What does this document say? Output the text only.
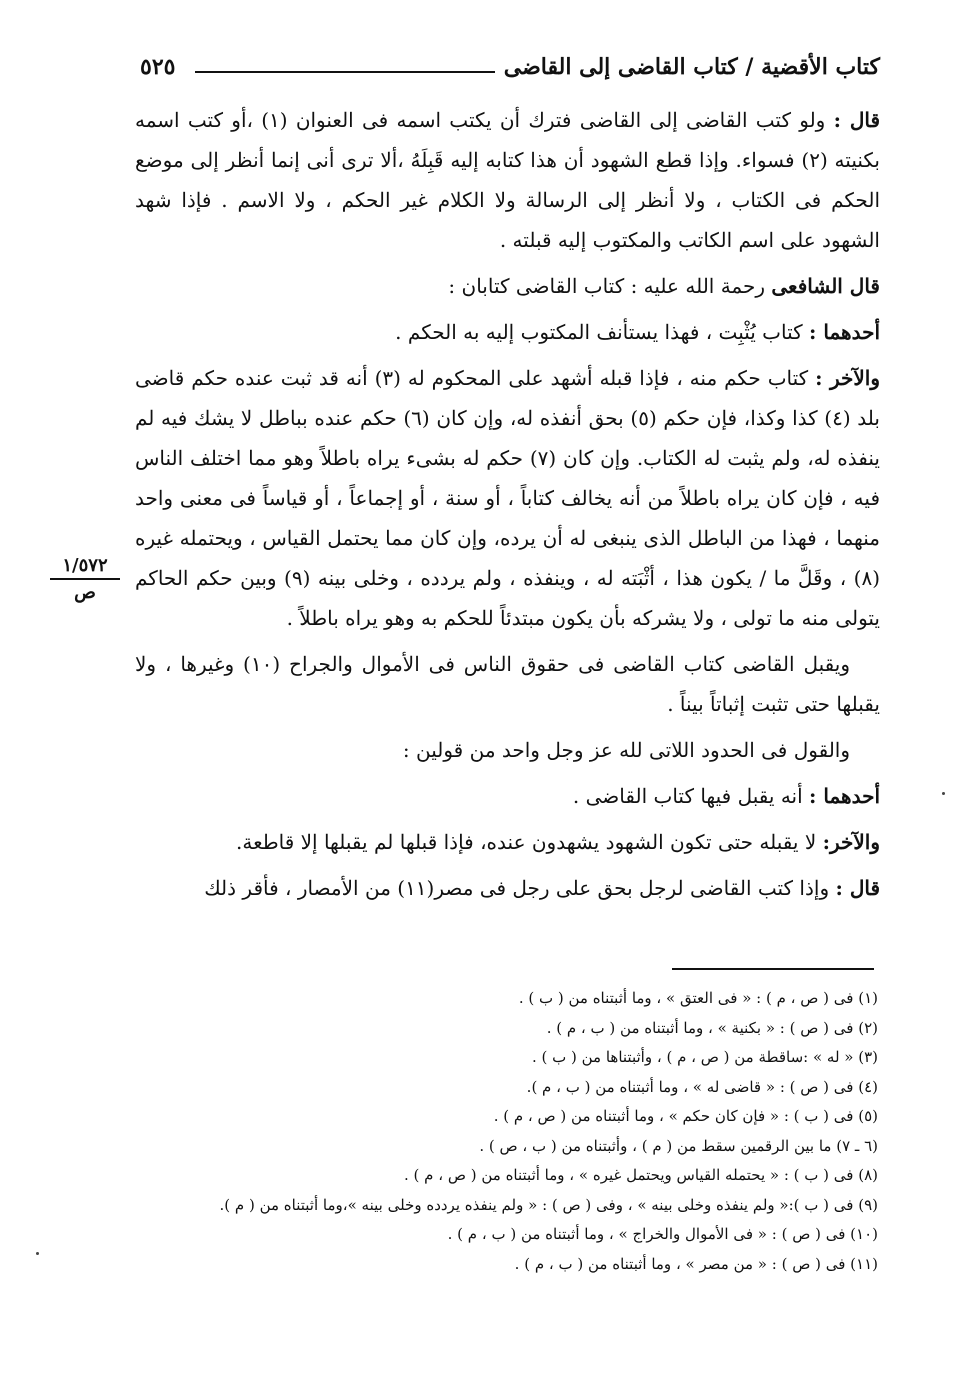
كتاب الأقضية / كتاب القاضى إلى القاضى
٥٢٥

قال : ولو كتب القاضى إلى القاضى فترك أن يكتب اسمه فى العنوان (١) ،أو كتب اسمه بكنيته (٢) فسواء. وإذا قطع الشهود أن هذا كتابه إليه قَبِلَهُ ،ألا ترى أنى إنما أنظر إلى موضع الحكم فى الكتاب ، ولا أنظر إلى الرسالة ولا الكلام غير الحكم ، ولا الاسم . فإذا شهد الشهود على اسم الكاتب والمكتوب إليه قبلته .

قال الشافعى رحمة الله عليه : كتاب القاضى كتابان :

أحدهما : كتاب يُثْبِت ، فهذا يستأنف المكتوب إليه به الحكم .

والآخر : كتاب حكم منه ، فإذا قبله أشهد على المحكوم له (٣) أنه قد ثبت عنده حكم قاضى بلد (٤) كذا وكذا، فإن حكم (٥) بحق أنفذه له، وإن كان (٦) حكم عنده بباطل لا يشك فيه لم ينفذه له، ولم يثبت له الكتاب. وإن كان (٧) حكم له بشىء يراه باطلاً وهو مما اختلف الناس فيه ، فإن كان يراه باطلاً من أنه يخالف كتاباً ، أو سنة ، أو إجماعاً ، أو قياساً فى معنى واحد منهما ، فهذا من الباطل الذى ينبغى له أن يرده، وإن كان مما يحتمل القياس ، ويحتمله غيره (٨) ، وقَلَّ ما / يكون هذا ، أثْبَته له ، وينفذه ، ولم يردده ، وخلى بينه (٩) وبين حكم الحاكم يتولى منه ما تولى ، ولا يشركه بأن يكون مبتدئاً للحكم به وهو يراه باطلاً .

ويقبل القاضى كتاب القاضى فى حقوق الناس فى الأموال والجراح (١٠) وغيرها ، ولا يقبلها حتى تثبت إثباتاً بيناً .

والقول فى الحدود اللاتى لله عز وجل واحد من قولين :

أحدهما : أنه يقبل فيها كتاب القاضى .

والآخر: لا يقبله حتى تكون الشهود يشهدون عنده، فإذا قبلها لم يقبلها إلا قاطعة.

قال : وإذا كتب القاضى لرجل بحق على رجل فى مصر(١١) من الأمصار ، فأقر ذلك

١/٥٧٢
ص
(١) فى ( ص ، م ) : « فى العتق » ، وما أثبتناه من ( ب ) .
(٢) فى ( ص ) : « بكنية » ، وما أثبتناه من ( ب ، م ) .
(٣) « له » :ساقطة من ( ص ، م ) ، وأثبتناها من ( ب ) .
(٤) فى ( ص ) : « قاضى له » ، وما أثبتناه من ( ب ، م ).
(٥) فى ( ب ) : « فإن كان حكم » ، وما أثبتناه من ( ص ، م ) .
(٦ ـ ٧) ما بين الرقمين سقط من ( م ) ، وأثبتناه من ( ب ، ص ) .
(٨) فى ( ب ) : « يحتمله القياس ويحتمل غيره » ، وما أثبتناه من ( ص ، م ) .
(٩) فى ( ب ):« ولم ينفذه وخلى بينه » ، وفى ( ص ) : « ولم ينفذه يردده وخلى بينه »،وما أثبتناه من ( م ).
(١٠) فى ( ص ) : « فى الأموال والخراج » ، وما أثبتناه من ( ب ، م ) .
(١١) فى ( ص ) : « من مصر » ، وما أثبتناه من ( ب ، م ) .
